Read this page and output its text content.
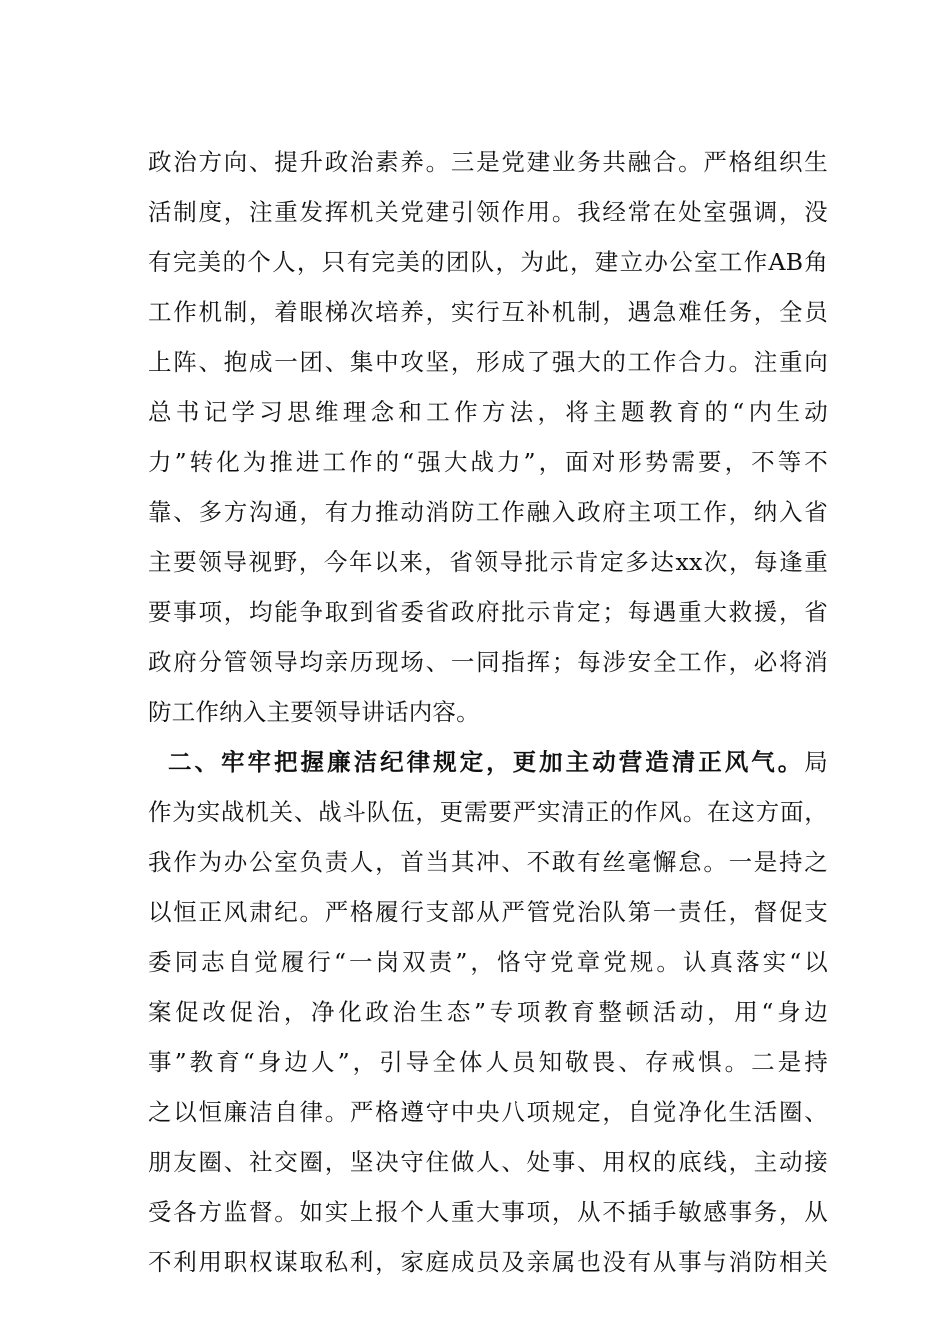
政治方向、提升政治素养。三是党建业务共融合。严格组织生
活制度，注重发挥机关党建引领作用。我经常在处室强调，没
有完美的个人，只有完美的团队，为此，建立办公室工作AB角
工作机制，着眼梯次培养，实行互补机制，遇急难任务，全员
上阵、抱成一团、集中攻坚，形成了强大的工作合力。注重向
总书记学习思维理念和工作方法，将主题教育的“内生动
力”转化为推进工作的“强大战力”，面对形势需要，不等不
靠、多方沟通，有力推动消防工作融入政府主项工作，纳入省
主要领导视野，今年以来，省领导批示肯定多达xx次，每逢重
要事项，均能争取到省委省政府批示肯定；每遇重大救援，省
政府分管领导均亲历现场、一同指挥；每涉安全工作，必将消
防工作纳入主要领导讲话内容。
二、牢牢把握廉洁纪律规定，更加主动营造清正风气。局
作为实战机关、战斗队伍，更需要严实清正的作风。在这方面，
我作为办公室负责人，首当其冲、不敢有丝毫懈怠。一是持之
以恒正风肃纪。严格履行支部从严管党治队第一责任，督促支
委同志自觉履行“一岗双责”，恪守党章党规。认真落实“以
案促改促治，净化政治生态”专项教育整顿活动，用“身边
事”教育“身边人”，引导全体人员知敬畏、存戒惧。二是持
之以恒廉洁自律。严格遵守中央八项规定，自觉净化生活圈、
朋友圈、社交圈，坚决守住做人、处事、用权的底线，主动接
受各方监督。如实上报个人重大事项，从不插手敏感事务，从
不利用职权谋取私利，家庭成员及亲属也没有从事与消防相关
